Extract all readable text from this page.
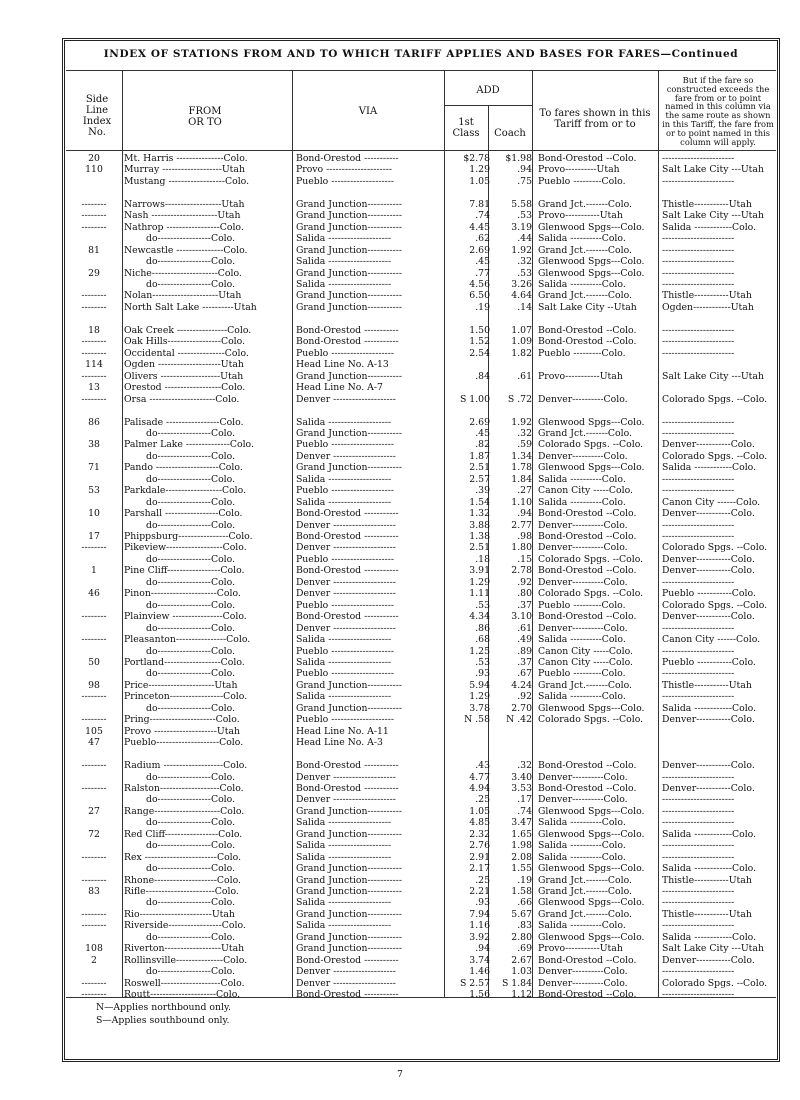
INDEX OF STATIONS FROM AND TO WHICH TARIFF APPLIES AND BASES FOR FARES—Continued
Side Line Index No.
FROM OR TO
VIA
ADD
1st Class	Coach
To fares shown in this Tariff from or to
But if the fare so constructed exceeds the fare from or to point named in this column via the same route as shown in this Tariff, the fare from or to point named in this column will apply.
20	Mt. Harris ---------------Colo.	Bond-Orestod -----------	$2.78	$1.98 Bond-Orestod --Colo.	-----------------------
110	Murray -------------------Utah	Provo ---------------------	1.29	.94 Provo----------Utah	Salt Lake City ---Utah
Mustang ------------------Colo.	Pueblo --------------------	1.05	.75 Pueblo ---------Colo.	-----------------------
--------	Narrows------------------Utah	Grand Junction-----------	7.81	5.58 Grand Jct.-------Colo.	Thistle-----------Utah
--------	Nash ---------------------Utah	Grand Junction-----------	.74	.53 Provo-----------Utah	Salt Lake City ---Utah
--------	Nathrop -----------------Colo.	Grand Junction-----------	4.45	3.19 Glenwood Spgs---Colo.	Salida ------------Colo.
do-----------------Colo.	Salida --------------------	.62	.44 Salida ----------Colo.	-----------------------
81	Newcastle ---------------Colo.	Grand Junction-----------	2.69	1.92 Grand Jct.-------Colo.	-----------------------
do-----------------Colo.	Salida --------------------	.45	.32 Glenwood Spgs---Colo.	-----------------------
29	Niche---------------------Colo.	Grand Junction-----------	.77	.53 Glenwood Spgs---Colo.	-----------------------
do-----------------Colo.	Salida --------------------	4.56	3.26 Salida ----------Colo.	-----------------------
--------	Nolan---------------------Utah	Grand Junction-----------	6.50	4.64 Grand Jct.-------Colo.	Thistle-----------Utah
--------	North Salt Lake ----------Utah	Grand Junction-----------	.19	.14 Salt Lake City --Utah	Ogden------------Utah
18	Oak Creek ----------------Colo.	Bond-Orestod -----------	1.50	1.07 Bond-Orestod --Colo.	-----------------------
--------	Oak Hills-----------------Colo.	Bond-Orestod -----------	1.52	1.09 Bond-Orestod --Colo.	-----------------------
--------	Occidental ---------------Colo.	Pueblo --------------------	2.54	1.82 Pueblo ---------Colo.	-----------------------
114	Ogden --------------------Utah	Head Line No. A-13
--------	Olivers -------------------Utah	Grand Junction-----------	.84	.61 Provo-----------Utah	Salt Lake City ---Utah
13	Orestod ------------------Colo.	Head Line No. A-7
--------	Orsa ---------------------Colo.	Denver --------------------	S 1.00	S .72 Denver----------Colo.	Colorado Spgs. --Colo.
86	Palisade -----------------Colo.	Salida --------------------	2.69	1.92 Glenwood Spgs---Colo.	-----------------------
do-----------------Colo.	Grand Junction-----------	.45	.32 Grand Jct.-------Colo.	-----------------------
38	Palmer Lake --------------Colo.	Pueblo --------------------	.82	.59 Colorado Spgs. --Colo.	Denver-----------Colo.
do-----------------Colo.	Denver --------------------	1.87	1.34 Denver----------Colo.	Colorado Spgs. --Colo.
71	Pando --------------------Colo.	Grand Junction-----------	2.51	1.78 Glenwood Spgs---Colo.	Salida ------------Colo.
do-----------------Colo.	Salida --------------------	2.57	1.84 Salida ----------Colo.	-----------------------
53	Parkdale------------------Colo.	Pueblo --------------------	.39	.27 Canon City -----Colo.	-----------------------
do-----------------Colo.	Salida --------------------	1.54	1.10 Salida ----------Colo.	Canon City ------Colo.
10	Parshall -----------------Colo.	Bond-Orestod -----------	1.32	.94 Bond-Orestod --Colo.	Denver-----------Colo.
do-----------------Colo.	Denver --------------------	3.88	2.77 Denver----------Colo.	-----------------------
17	Phippsburg----------------Colo.	Bond-Orestod -----------	1.38	.98 Bond-Orestod --Colo.	-----------------------
--------	Pikeview------------------Colo.	Denver --------------------	2.51	1.80 Denver----------Colo.	Colorado Spgs. --Colo.
do-----------------Colo.	Pueblo --------------------	.18	.15 Colorado Spgs. --Colo.	Denver-----------Colo.
1	Pine Cliff-----------------Colo.	Bond-Orestod -----------	3.91	2.78 Bond-Orestod --Colo.	Denver-----------Colo.
do-----------------Colo.	Denver --------------------	1.29	.92 Denver----------Colo.	-----------------------
46	Pinon---------------------Colo.	Denver --------------------	1.11	.80 Colorado Spgs. --Colo.	Pueblo -----------Colo.
do-----------------Colo.	Pueblo --------------------	.53	.37 Pueblo ---------Colo.	Colorado Spgs. --Colo.
--------	Plainview ----------------Colo.	Bond-Orestod -----------	4.34	3.10 Bond-Orestod --Colo.	Denver-----------Colo.
do-----------------Colo.	Denver --------------------	.86	.61 Denver----------Colo.	-----------------------
--------	Pleasanton----------------Colo.	Salida --------------------	.68	.49 Salida ----------Colo.	Canon City ------Colo.
do-----------------Colo.	Pueblo --------------------	1.25	.89 Canon City -----Colo.	-----------------------
50	Portland------------------Colo.	Salida --------------------	.53	.37 Canon City -----Colo.	Pueblo -----------Colo.
do-----------------Colo.	Pueblo --------------------	.93	.67 Pueblo ---------Colo.	-----------------------
98	Price---------------------Utah	Grand Junction-----------	5.94	4.24 Grand Jct.-------Colo.	Thistle-----------Utah
--------	Princeton-----------------Colo.	Salida --------------------	1.29	.92 Salida ----------Colo.	-----------------------
do-----------------Colo.	Grand Junction-----------	3.78	2.70 Glenwood Spgs---Colo.	Salida ------------Colo.
--------	Pring---------------------Colo.	Pueblo --------------------	N .58	N .42 Colorado Spgs. --Colo.	Denver-----------Colo.
105	Provo --------------------Utah	Head Line No. A-11
47	Pueblo--------------------Colo.	Head Line No. A-3
--------	Radium -------------------Colo.	Bond-Orestod -----------	.43	.32 Bond-Orestod --Colo.	Denver-----------Colo.
do-----------------Colo.	Denver --------------------	4.77	3.40 Denver----------Colo.	-----------------------
--------	Ralston-------------------Colo.	Bond-Orestod -----------	4.94	3.53 Bond-Orestod --Colo.	Denver-----------Colo.
do-----------------Colo.	Denver --------------------	.25	.17 Denver----------Colo.	-----------------------
27	Range---------------------Colo.	Grand Junction-----------	1.05	.74 Glenwood Spgs---Colo.	-----------------------
do-----------------Colo.	Salida --------------------	4.85	3.47 Salida ----------Colo.	-----------------------
72	Red Cliff-----------------Colo.	Grand Junction-----------	2.32	1.65 Glenwood Spgs---Colo.	Salida ------------Colo.
do-----------------Colo.	Salida --------------------	2.76	1.98 Salida ----------Colo.	-----------------------
--------	Rex -----------------------Colo.	Salida --------------------	2.91	2.08 Salida ----------Colo.	-----------------------
do-----------------Colo.	Grand Junction-----------	2.17	1.55 Glenwood Spgs---Colo.	Salida ------------Colo.
--------	Rhone--------------------Colo.	Grand Junction-----------	.25	.19 Grand Jct.-------Colo.	Thistle-----------Utah
83	Rifle----------------------Colo.	Grand Junction-----------	2.21	1.58 Grand Jct.-------Colo.	-----------------------
do-----------------Colo.	Salida --------------------	.93	.66 Glenwood Spgs---Colo.	-----------------------
--------	Rio-----------------------Utah	Grand Junction-----------	7.94	5.67 Grand Jct.-------Colo.	Thistle-----------Utah
--------	Riverside-----------------Colo.	Salida --------------------	1.16	.83 Salida ----------Colo.	-----------------------
do-----------------Colo.	Grand Junction-----------	3.92	2.80 Glenwood Spgs---Colo.	Salida ------------Colo.
108	Riverton------------------Utah	Grand Junction-----------	.94	.69 Provo-----------Utah	Salt Lake City ---Utah
2	Rollinsville---------------Colo.	Bond-Orestod -----------	3.74	2.67 Bond-Orestod --Colo.	Denver-----------Colo.
do-----------------Colo.	Denver --------------------	1.46	1.03 Denver----------Colo.	-----------------------
--------	Roswell-------------------Colo.	Denver --------------------	S 2.57	S 1.84 Denver----------Colo.	Colorado Spgs. --Colo.
--------	Routt---------------------Colo.	Bond-Orestod -----------	1.56	1.12 Bond-Orestod --Colo.	-----------------------
N—Applies northbound only.
S—Applies southbound only.
7
